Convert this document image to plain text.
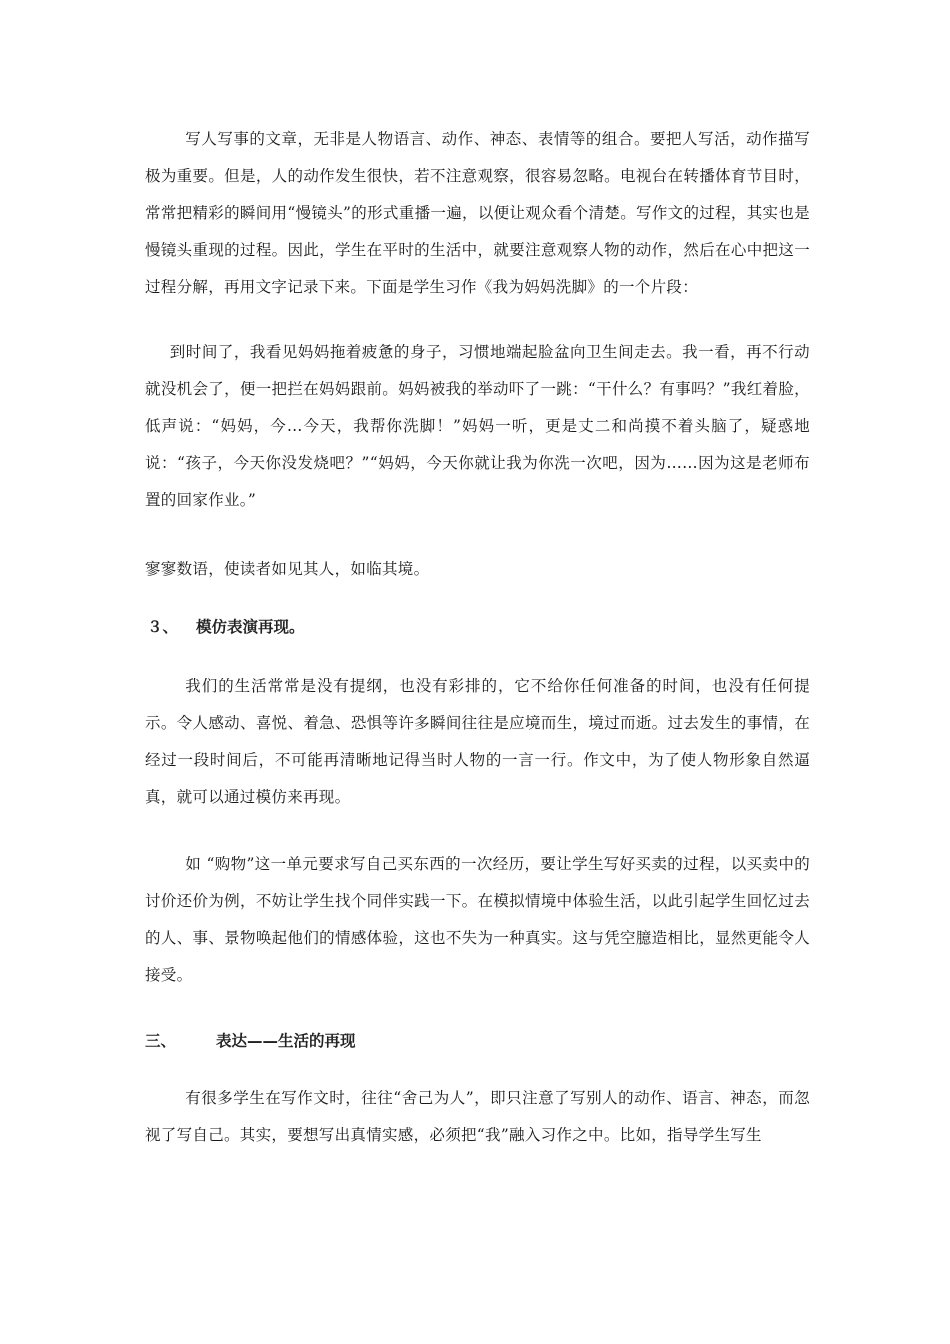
写人写事的文章，无非是人物语言、动作、神态、表情等的组合。要把人写活，动作描写极为重要。但是，人的动作发生很快，若不注意观察，很容易忽略。电视台在转播体育节目时，常常把精彩的瞬间用“慢镜头”的形式重播一遍，以便让观众看个清楚。写作文的过程，其实也是慢镜头重现的过程。因此，学生在平时的生活中，就要注意观察人物的动作，然后在心中把这一过程分解，再用文字记录下来。下面是学生习作《我为妈妈洗脚》的一个片段：

到时间了，我看见妈妈拖着疲惫的身子，习惯地端起脸盆向卫生间走去。我一看，再不行动就没机会了，便一把拦在妈妈跟前。妈妈被我的举动吓了一跳：“干什么？有事吗？”我红着脸，低声说：“妈妈，今…今天，我帮你洗脚！”妈妈一听，更是丈二和尚摸不着头脑了，疑惑地说：“孩子，今天你没发烧吧？”“妈妈，今天你就让我为你洗一次吧，因为……因为这是老师布置的回家作业。”

寥寥数语，使读者如见其人，如临其境。

３、 模仿表演再现。

我们的生活常常是没有提纲，也没有彩排的，它不给你任何准备的时间，也没有任何提示。令人感动、喜悦、着急、恐惧等许多瞬间往往是应境而生，境过而逝。过去发生的事情，在经过一段时间后，不可能再清晰地记得当时人物的一言一行。作文中，为了使人物形象自然逼真，就可以通过模仿来再现。

如 “购物”这一单元要求写自己买东西的一次经历，要让学生写好买卖的过程，以买卖中的讨价还价为例，不妨让学生找个同伴实践一下。在模拟情境中体验生活，以此引起学生回忆过去的人、事、景物唤起他们的情感体验，这也不失为一种真实。这与凭空臆造相比，显然更能令人接受。

三、	表达——生活的再现

有很多学生在写作文时，往往“舍己为人”，即只注意了写别人的动作、语言、神态，而忽视了写自己。其实，要想写出真情实感，必须把“我”融入习作之中。比如，指导学生写生
